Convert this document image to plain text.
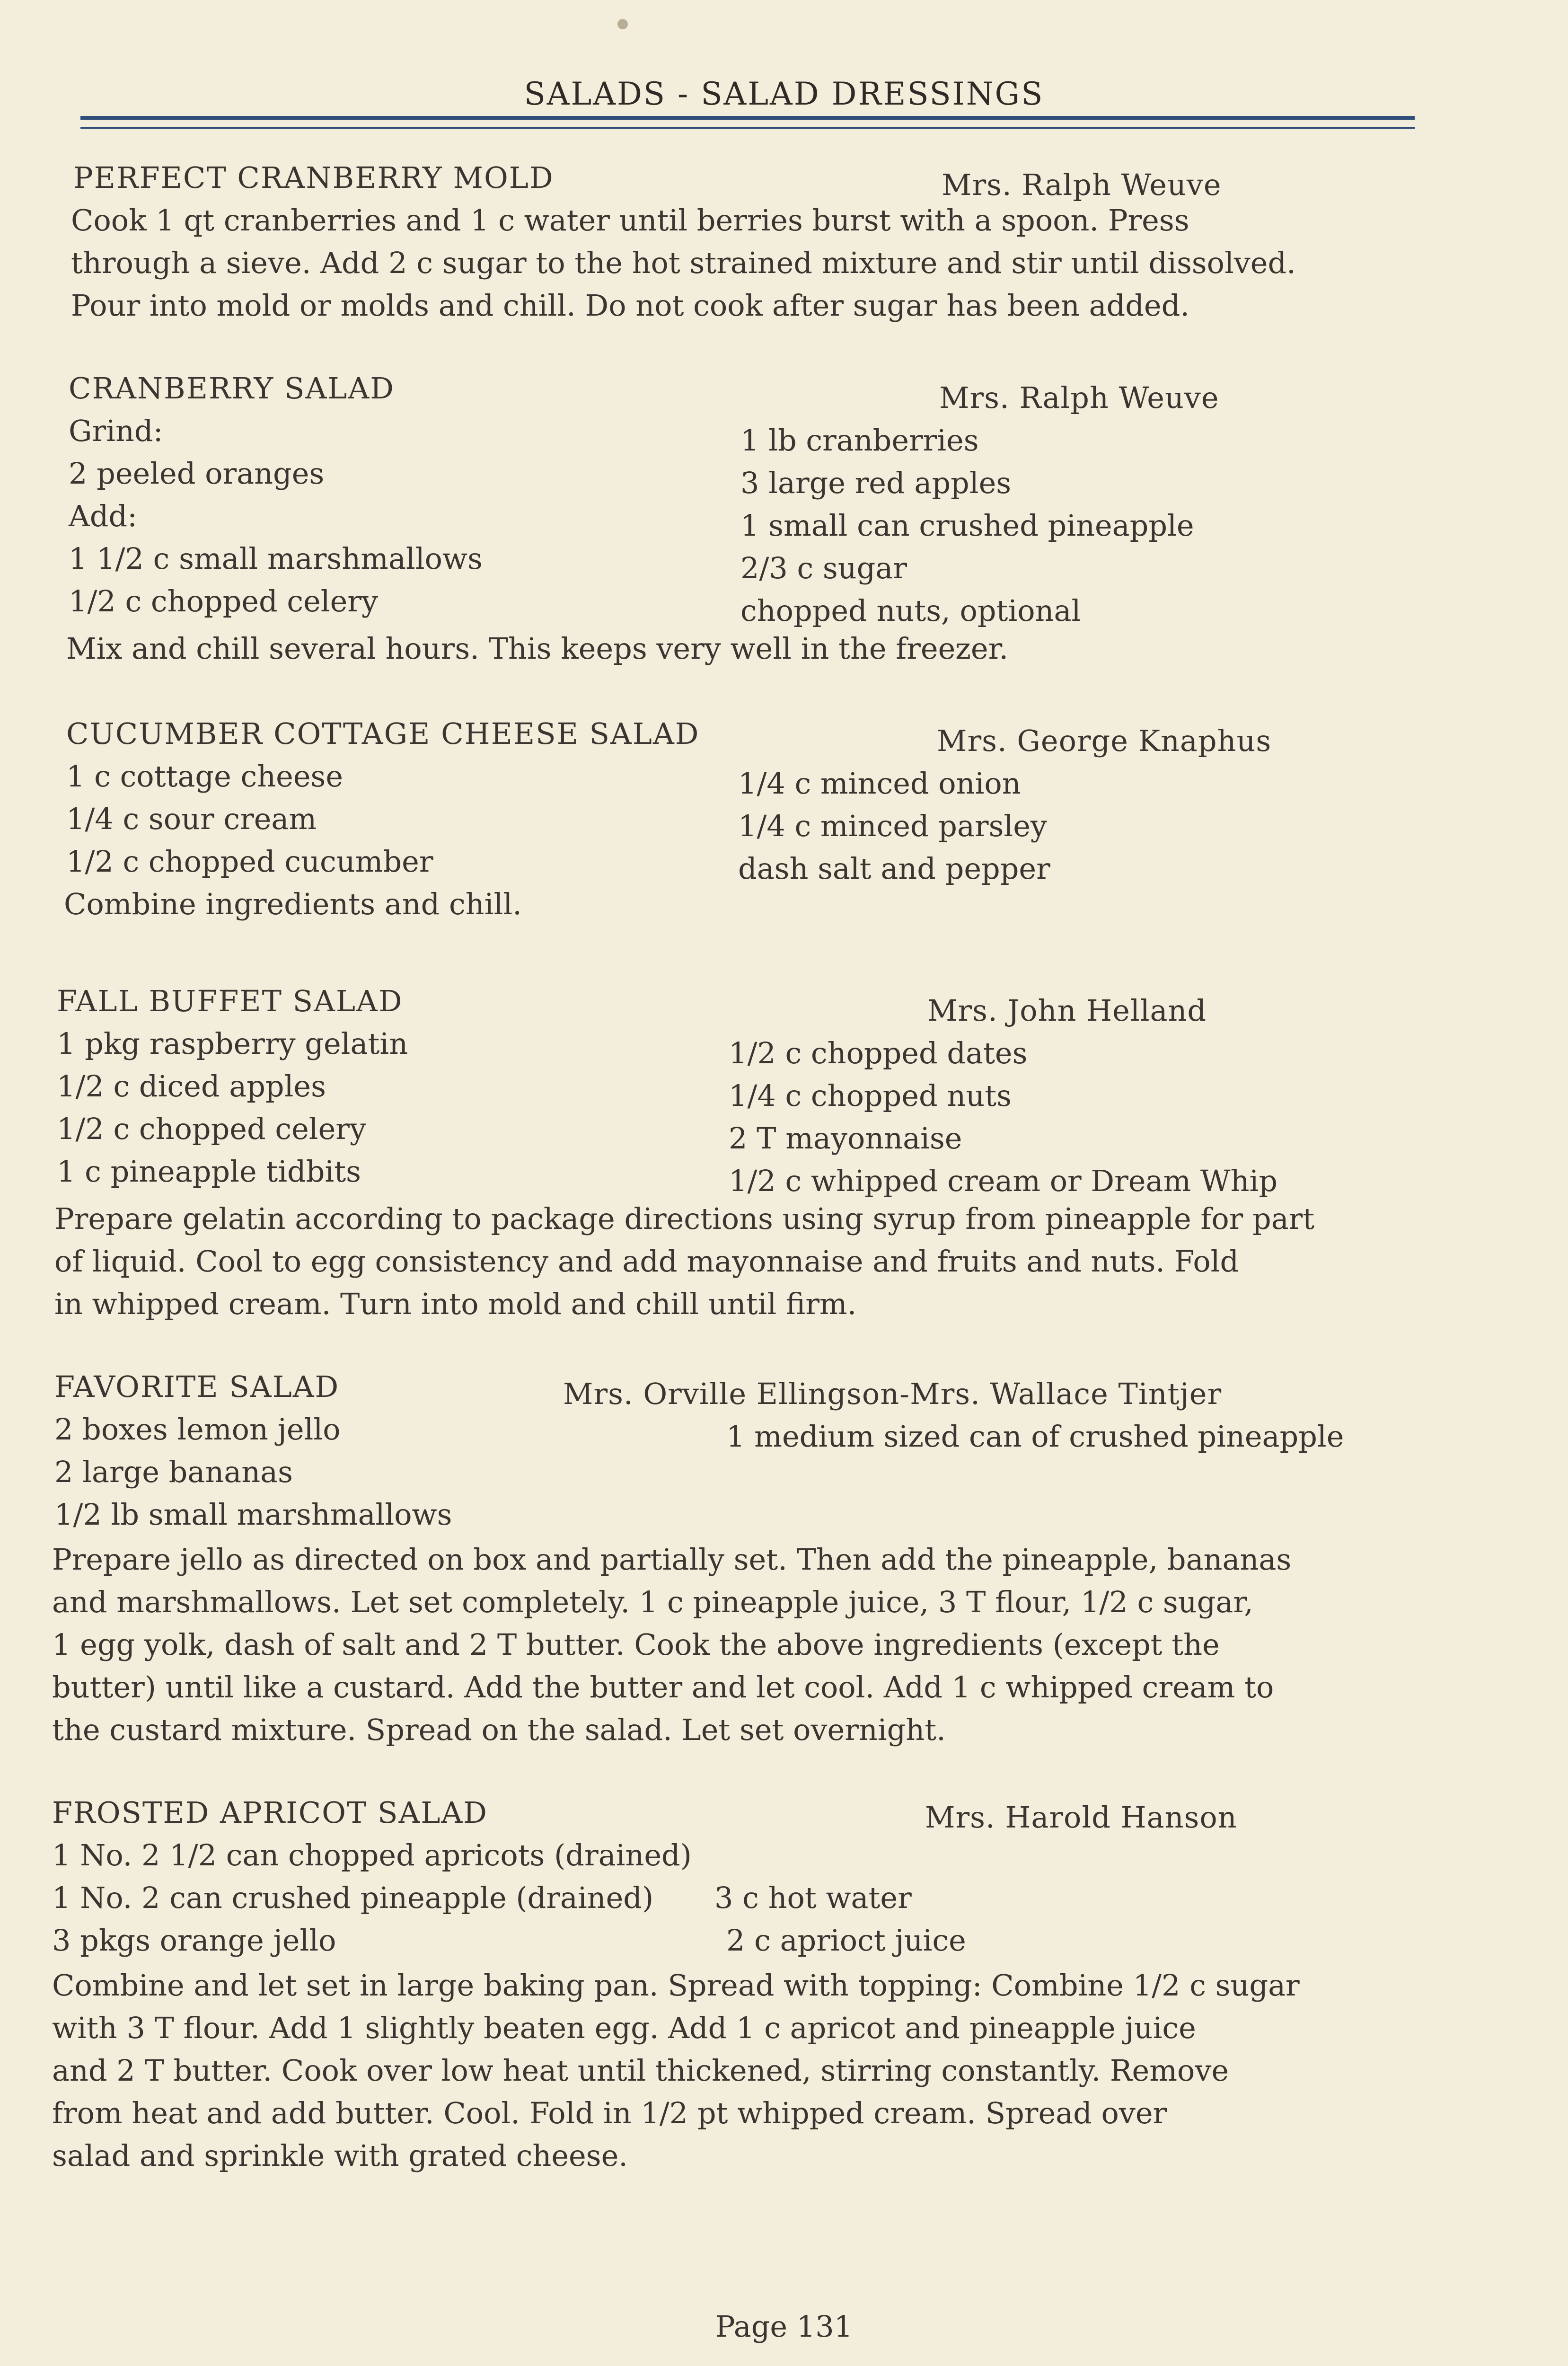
SALADS - SALAD DRESSINGS
PERFECT CRANBERRY MOLD	Mrs. Ralph Weuve
Cook 1 qt cranberries and 1 c water until berries burst with a spoon. Press
through a sieve. Add 2 c sugar to the hot strained mixture and stir until dissolved.
Pour into mold or molds and chill. Do not cook after sugar has been added.
CRANBERRY SALAD	Mrs. Ralph Weuve
Grind:
2 peeled oranges
Add:
1 1/2 c small marshmallows
1/2 c chopped celery
1 lb cranberries
3 large red apples
1 small can crushed pineapple
2/3 c sugar
chopped nuts, optional
Mix and chill several hours. This keeps very well in the freezer.
CUCUMBER COTTAGE CHEESE SALAD	Mrs. George Knaphus
1 c cottage cheese
1/4 c sour cream
1/2 c chopped cucumber
1/4 c minced onion
1/4 c minced parsley
dash salt and pepper
Combine ingredients and chill.
FALL BUFFET SALAD	Mrs. John Helland
1 pkg raspberry gelatin
1/2 c diced apples
1/2 c chopped celery
1 c pineapple tidbits
1/2 c chopped dates
1/4 c chopped nuts
2 T mayonnaise
1/2 c whipped cream or Dream Whip
Prepare gelatin according to package directions using syrup from pineapple for part
of liquid. Cool to egg consistency and add mayonnaise and fruits and nuts. Fold
in whipped cream. Turn into mold and chill until firm.
FAVORITE SALAD	Mrs. Orville Ellingson-Mrs. Wallace Tintjer
2 boxes lemon jello
2 large bananas
1/2 lb small marshmallows
1 medium sized can of crushed pineapple
Prepare jello as directed on box and partially set. Then add the pineapple, bananas
and marshmallows. Let set completely. 1 c pineapple juice, 3 T flour, 1/2 c sugar,
1 egg yolk, dash of salt and 2 T butter. Cook the above ingredients (except the
butter) until like a custard. Add the butter and let cool. Add 1 c whipped cream to
the custard mixture. Spread on the salad. Let set overnight.
FROSTED APRICOT SALAD	Mrs. Harold Hanson
1 No. 2 1/2 can chopped apricots (drained)
1 No. 2 can crushed pineapple (drained)
3 pkgs orange jello
3 c hot water
2 c aprioct juice
Combine and let set in large baking pan. Spread with topping: Combine 1/2 c sugar
with 3 T flour. Add 1 slightly beaten egg. Add 1 c apricot and pineapple juice
and 2 T butter. Cook over low heat until thickened, stirring constantly. Remove
from heat and add butter. Cool. Fold in 1/2 pt whipped cream. Spread over
salad and sprinkle with grated cheese.
Page 131
